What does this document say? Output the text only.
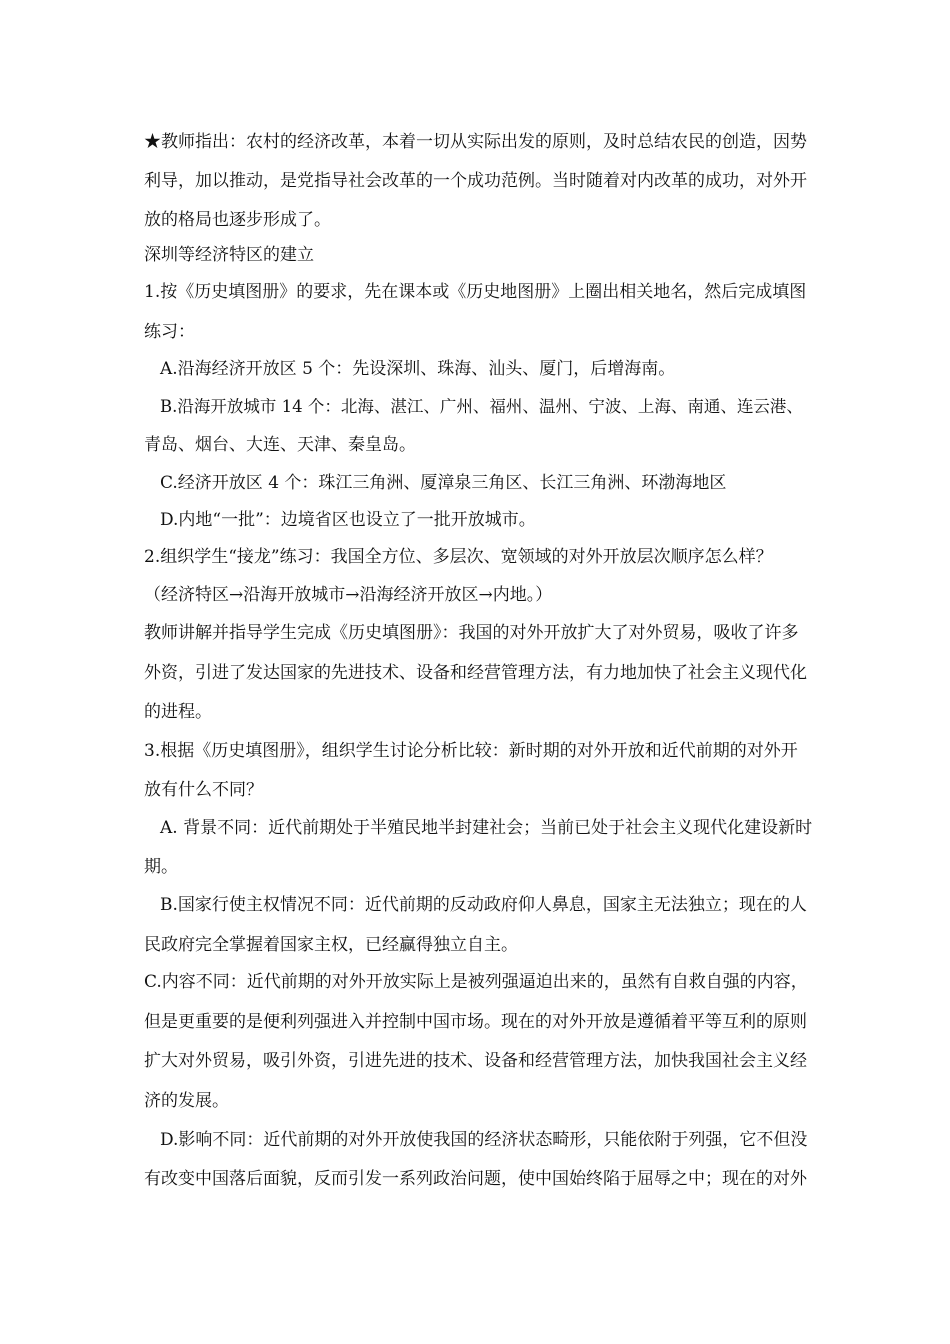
★教师指出：农村的经济改革，本着一切从实际出发的原则，及时总结农民的创造，因势
利导，加以推动，是党指导社会改革的一个成功范例。当时随着对内改革的成功，对外开
放的格局也逐步形成了。
深圳等经济特区的建立
1.按《历史填图册》的要求，先在课本或《历史地图册》上圈出相关地名，然后完成填图
练习：
A.沿海经济开放区 5 个：先设深圳、珠海、汕头、厦门，后增海南。
B.沿海开放城市 14 个：北海、湛江、广州、福州、温州、宁波、上海、南通、连云港、
青岛、烟台、大连、天津、秦皇岛。
C.经济开放区 4 个：珠江三角洲、厦漳泉三角区、长江三角洲、环渤海地区
D.内地“一批”：边境省区也设立了一批开放城市。
2.组织学生“接龙”练习：我国全方位、多层次、宽领域的对外开放层次顺序怎么样？
（经济特区→沿海开放城市→沿海经济开放区→内地。）
教师讲解并指导学生完成《历史填图册》：我国的对外开放扩大了对外贸易，吸收了许多
外资，引进了发达国家的先进技术、设备和经营管理方法，有力地加快了社会主义现代化
的进程。
3.根据《历史填图册》，组织学生讨论分析比较：新时期的对外开放和近代前期的对外开
放有什么不同？
A. 背景不同：近代前期处于半殖民地半封建社会；当前已处于社会主义现代化建设新时
期。
B.国家行使主权情况不同：近代前期的反动政府仰人鼻息，国家主无法独立；现在的人
民政府完全掌握着国家主权，已经赢得独立自主。
C.内容不同：近代前期的对外开放实际上是被列强逼迫出来的，虽然有自救自强的内容，
但是更重要的是便利列强进入并控制中国市场。现在的对外开放是遵循着平等互利的原则
扩大对外贸易，吸引外资，引进先进的技术、设备和经营管理方法，加快我国社会主义经
济的发展。
D.影响不同：近代前期的对外开放使我国的经济状态畸形，只能依附于列强，它不但没
有改变中国落后面貌，反而引发一系列政治问题，使中国始终陷于屈辱之中；现在的对外
